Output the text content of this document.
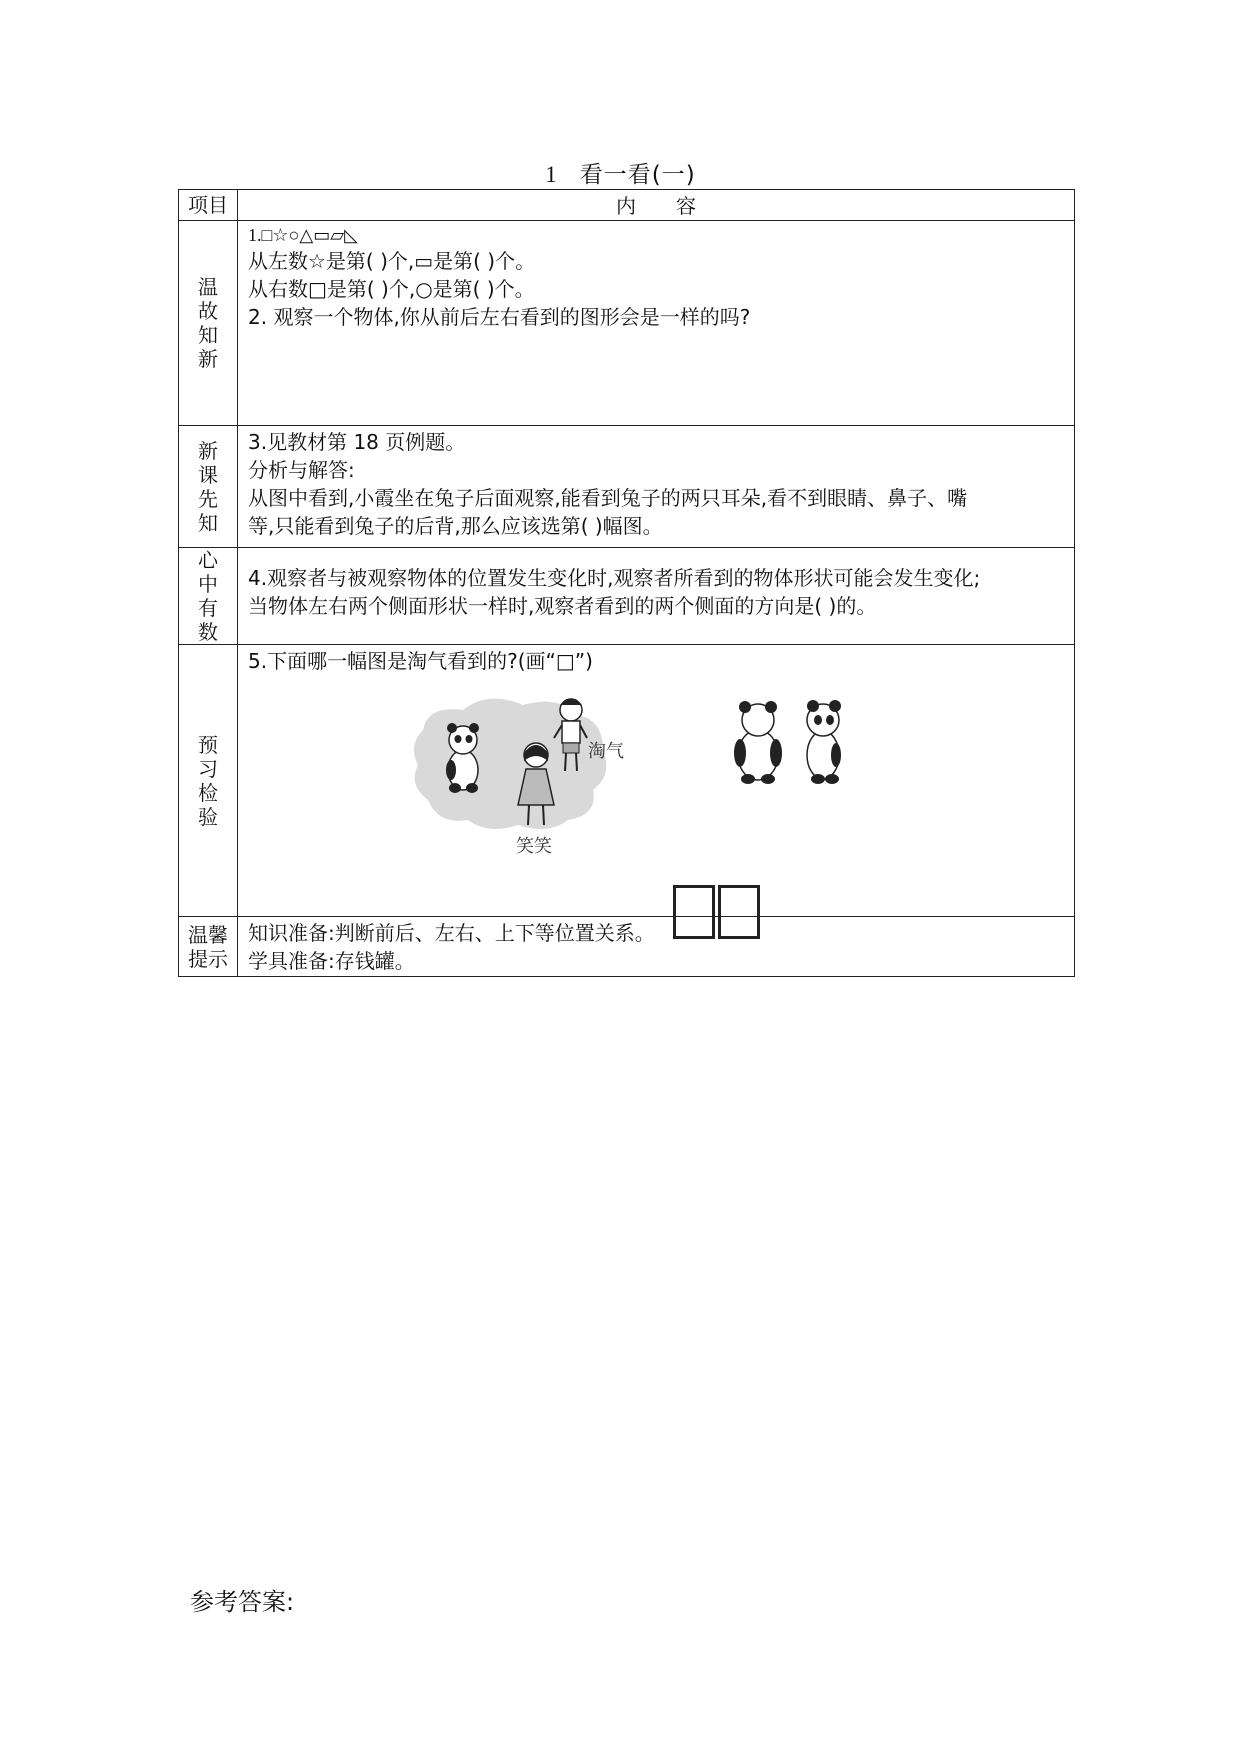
1 看一看(一)
项目	内容
温故知新	1.□☆○△▭▱◺
从左数☆是第( )个,▭是第( )个。
从右数□是第( )个,○是第( )个。
2. 观察一个物体,你从前后左右看到的图形会是一样的吗?

新课先知	3.见教材第 18 页例题。
分析与解答:
从图中看到,小霞坐在兔子后面观察,能看到兔子的两只耳朵,看不到眼睛、鼻子、嘴
等,只能看到兔子的后背,那么应该选第( )幅图。

心中有数	4.观察者与被观察物体的位置发生变化时,观察者所看到的物体形状可能会发生变化;
当物体左右两个侧面形状一样时,观察者看到的两个侧面的方向是( )的。

预习检验	5.下面哪一幅图是淘气看到的?(画“□”)
淘气
笑笑

温馨提示	知识准备:判断前后、左右、上下等位置关系。
学具准备:存钱罐。
参考答案:
